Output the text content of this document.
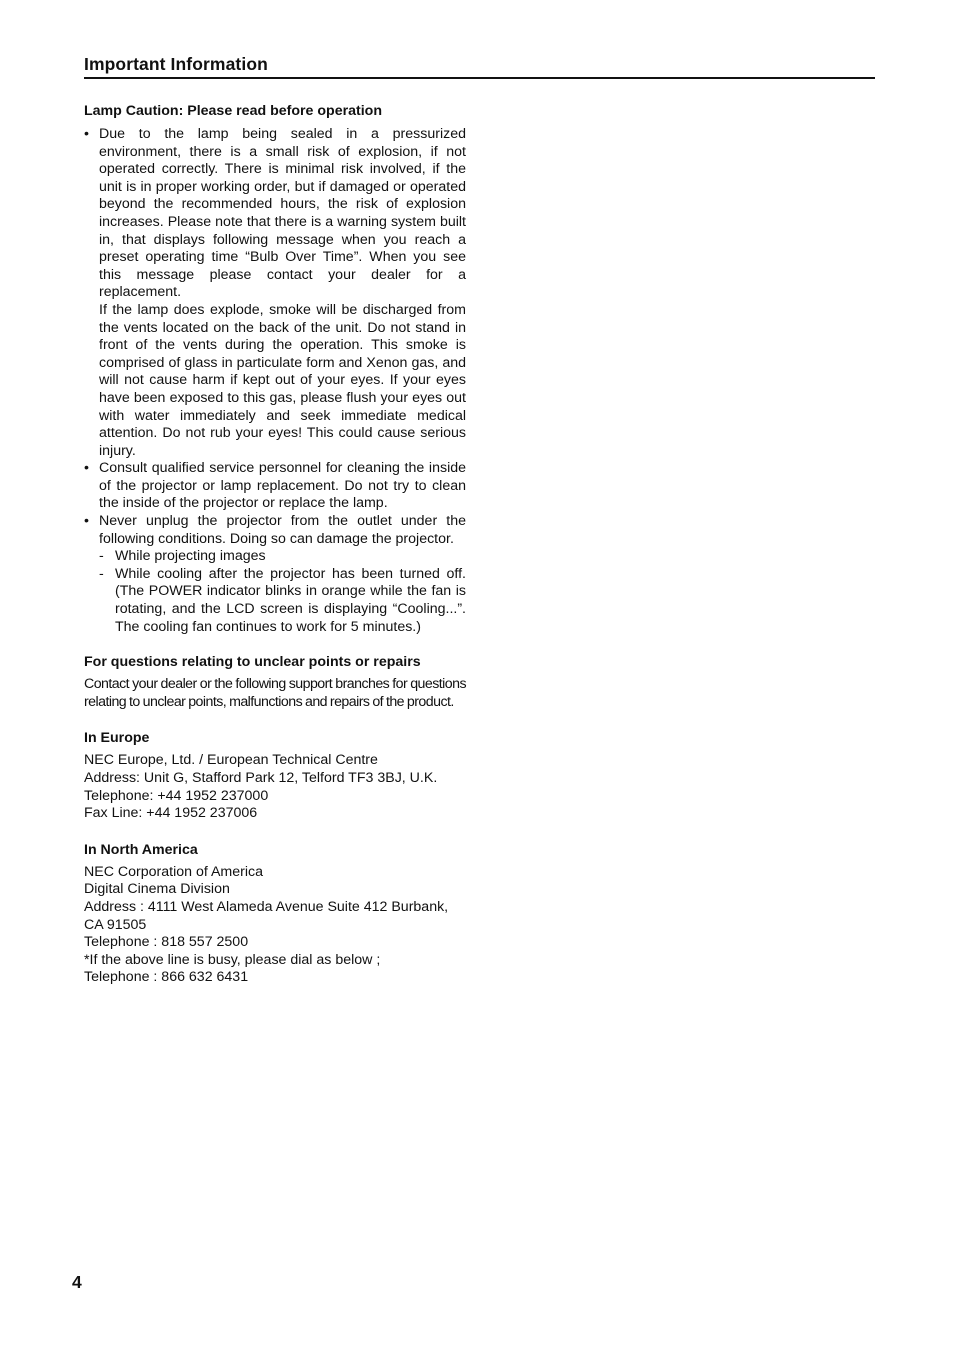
Important Information
Lamp Caution: Please read before operation
• Due to the lamp being sealed in a pressurized environment, there is a small risk of explosion, if not operated correctly. There is minimal risk involved, if the unit is in proper working order, but if damaged or operated beyond the recommended hours, the risk of explosion increases. Please note that there is a warning system built in, that displays following message when you reach a preset operating time “Bulb Over Time”. When you see this message please contact your dealer for a replacement.

If the lamp does explode, smoke will be discharged from the vents located on the back of the unit. Do not stand in front of the vents during the operation. This smoke is comprised of glass in particulate form and Xenon gas, and will not cause harm if kept out of your eyes. If your eyes have been exposed to this gas, please flush your eyes out with water immediately and seek immediate medical attention. Do not rub your eyes! This could cause serious injury.

• Consult qualified service personnel for cleaning the inside of the projector or lamp replacement. Do not try to clean the inside of the projector or replace the lamp.

• Never unplug the projector from the outlet under the following conditions. Doing so can damage the projector.

- While projecting images
- While cooling after the projector has been turned off. (The POWER indicator blinks in orange while the fan is rotating, and the LCD screen is displaying “Cooling...”. The cooling fan continues to work for 5 minutes.)
For questions relating to unclear points or repairs

Contact your dealer or the following support branches for questions relating to unclear points, malfunctions and repairs of the product.

In Europe
NEC Europe, Ltd. / European Technical Centre
Address: Unit G, Stafford Park 12, Telford TF3 3BJ, U.K.
Telephone: +44 1952 237000
Fax Line: +44 1952 237006
In North America
NEC Corporation of America
Digital Cinema Division
Address : 4111 West Alameda Avenue Suite 412 Burbank,
CA 91505
Telephone : 818 557 2500
*If the above line is busy, please dial as below ;
Telephone : 866 632 6431
4
